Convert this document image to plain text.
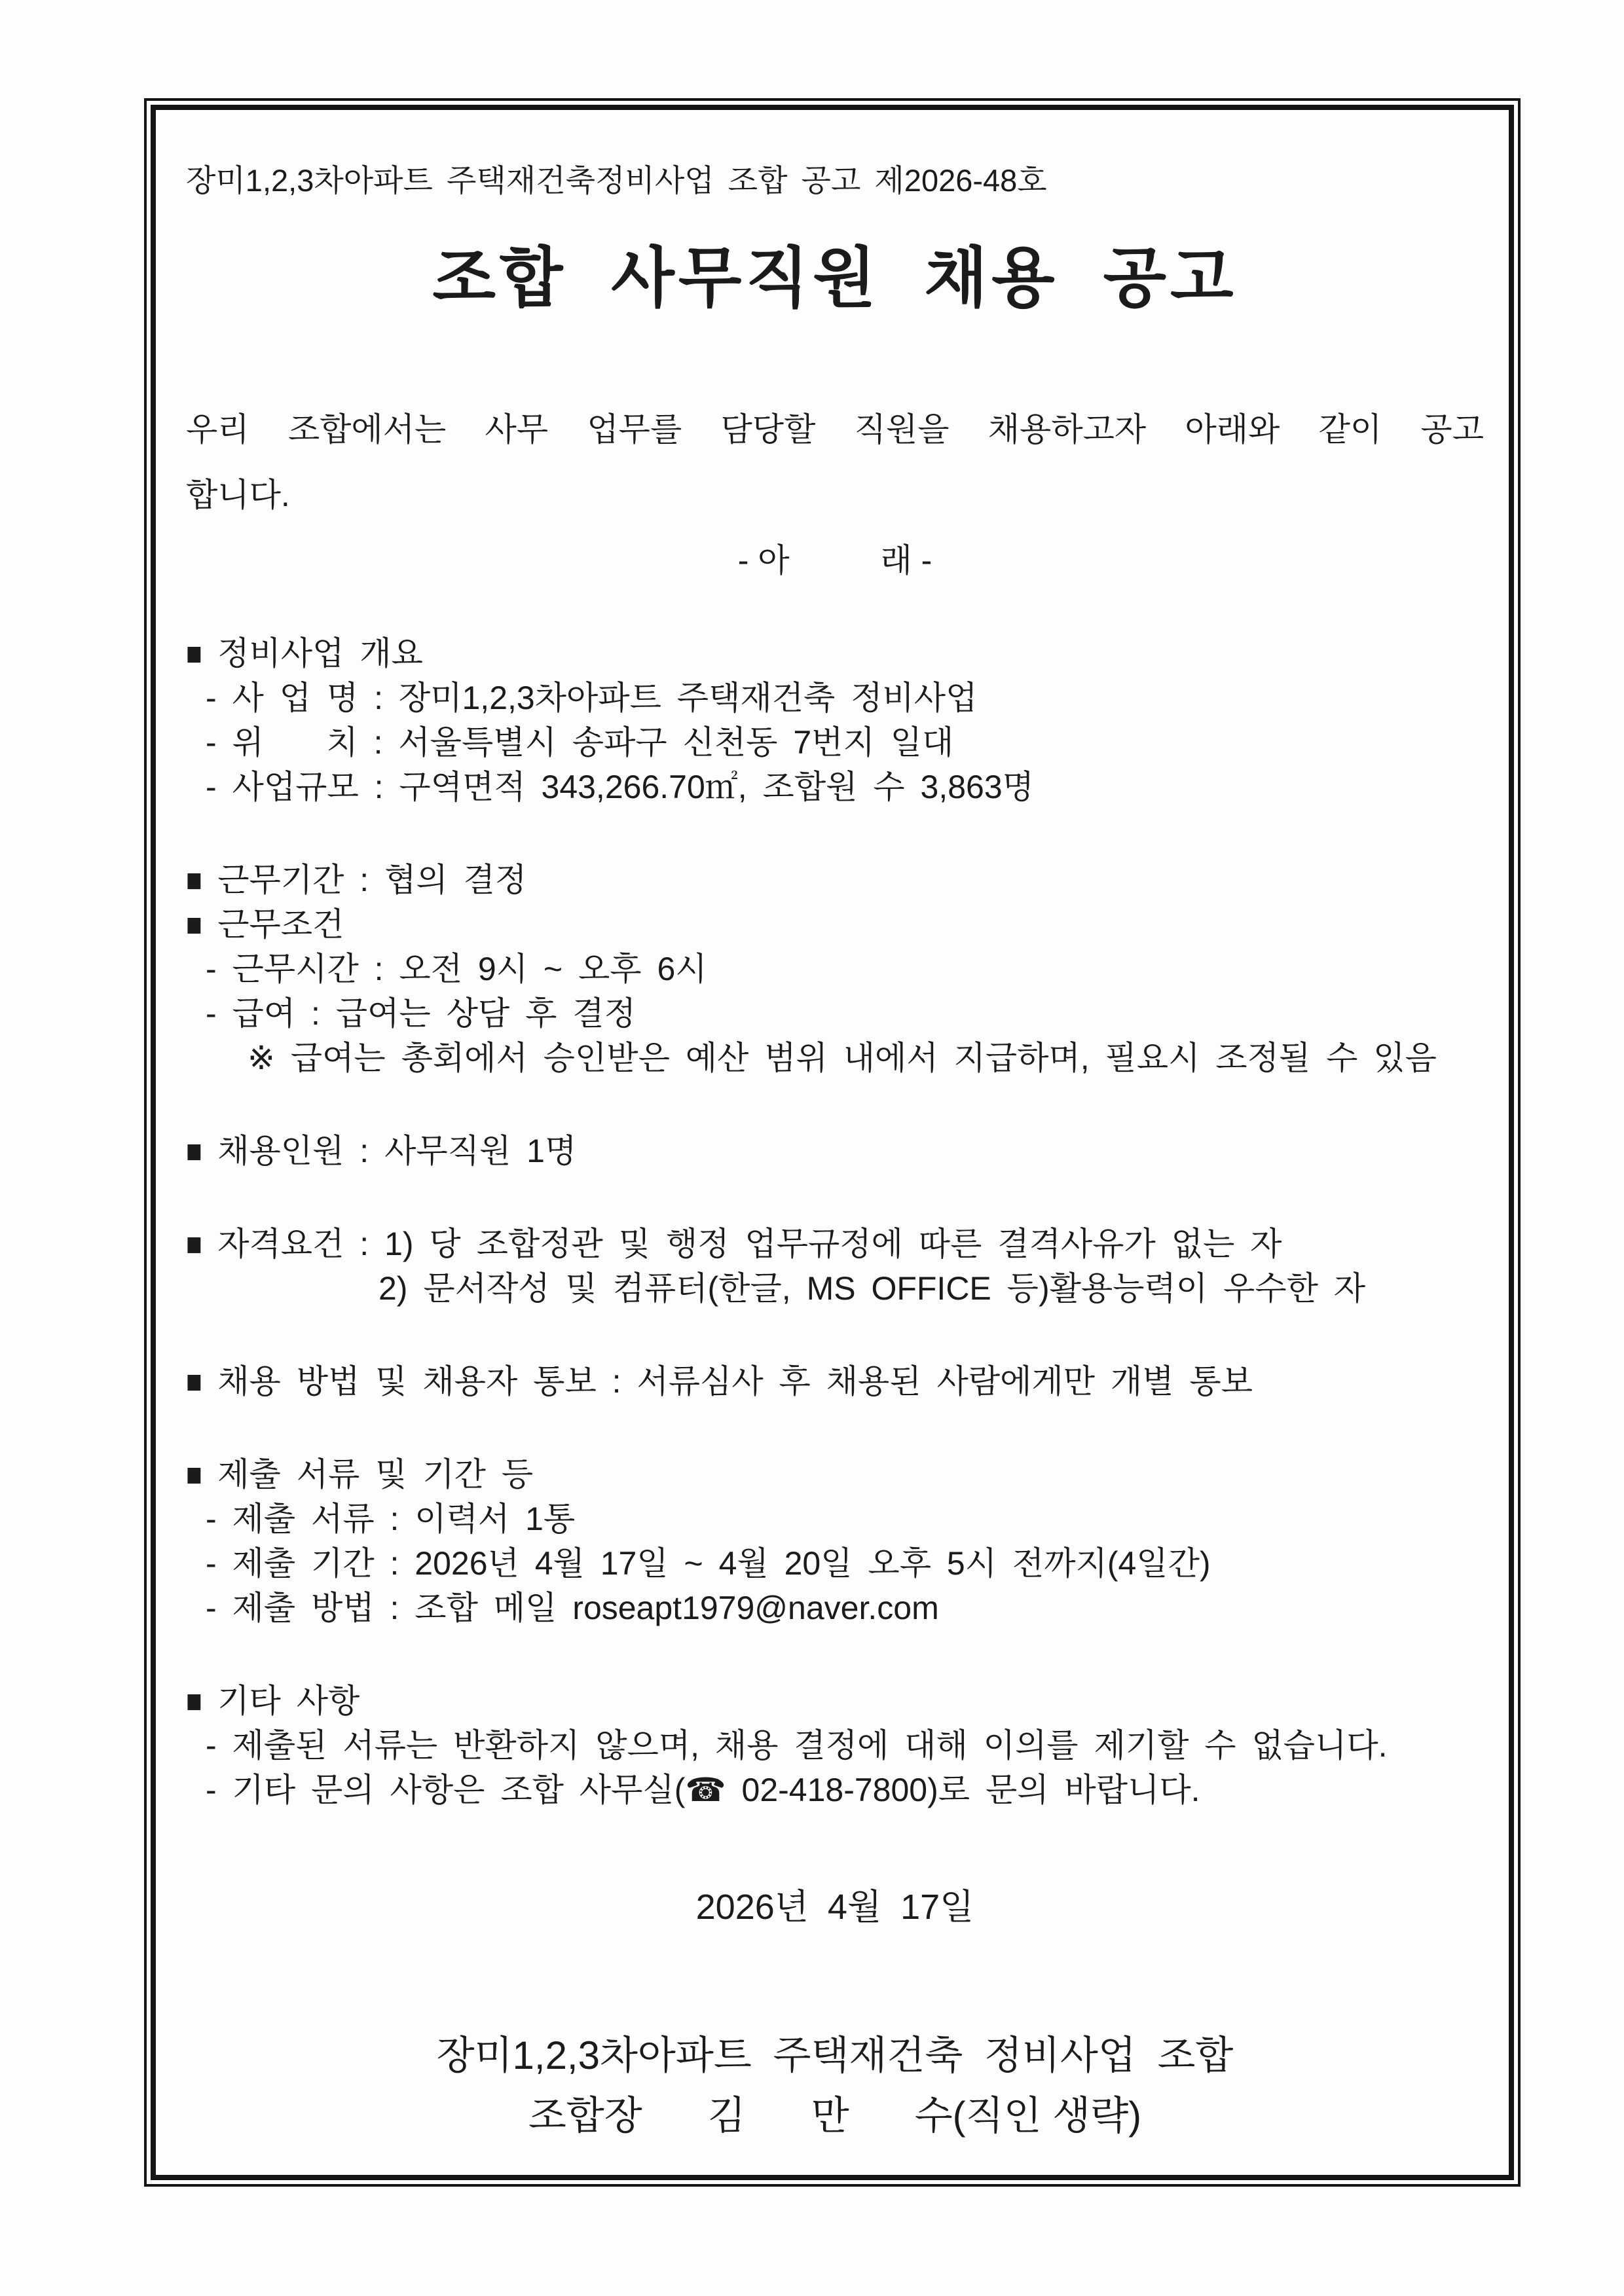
장미1,2,3차아파트 주택재건축정비사업 조합 공고 제2026-48호
조합 사무직원 채용 공고
우리 조합에서는 사무 업무를 담당할 직원을 채용하고자 아래와 같이 공고
합니다.
- 아          래 -
■ 정비사업 개요
- 사 업 명 : 장미1,2,3차아파트 주택재건축 정비사업
- 위    치 : 서울특별시 송파구 신천동 7번지 일대
- 사업규모 : 구역면적 343,266.70㎡, 조합원 수 3,863명
■ 근무기간 : 협의 결정
■ 근무조건
- 근무시간 : 오전 9시 ~ 오후 6시
- 급여 : 급여는 상담 후 결정
※ 급여는 총회에서 승인받은 예산 범위 내에서 지급하며, 필요시 조정될 수 있음
■ 채용인원 : 사무직원 1명
■ 자격요건 : 1) 당 조합정관 및 행정 업무규정에 따른 결격사유가 없는 자
2) 문서작성 및 컴퓨터(한글, MS OFFICE 등)활용능력이 우수한 자
■ 채용 방법 및 채용자 통보 : 서류심사 후 채용된 사람에게만 개별 통보
■ 제출 서류 및 기간 등
- 제출 서류 : 이력서 1통
- 제출 기간 : 2026년 4월 17일 ~ 4월 20일 오후 5시 전까지(4일간)
- 제출 방법 : 조합 메일 roseapt1979@naver.com
■ 기타 사항
- 제출된 서류는 반환하지 않으며, 채용 결정에 대해 이의를 제기할 수 없습니다.
- 기타 문의 사항은 조합 사무실(☎ 02-418-7800)로 문의 바랍니다.
2026년 4월 17일
장미1,2,3차아파트 주택재건축 정비사업 조합
조합장      김      만      수(직인 생략)
